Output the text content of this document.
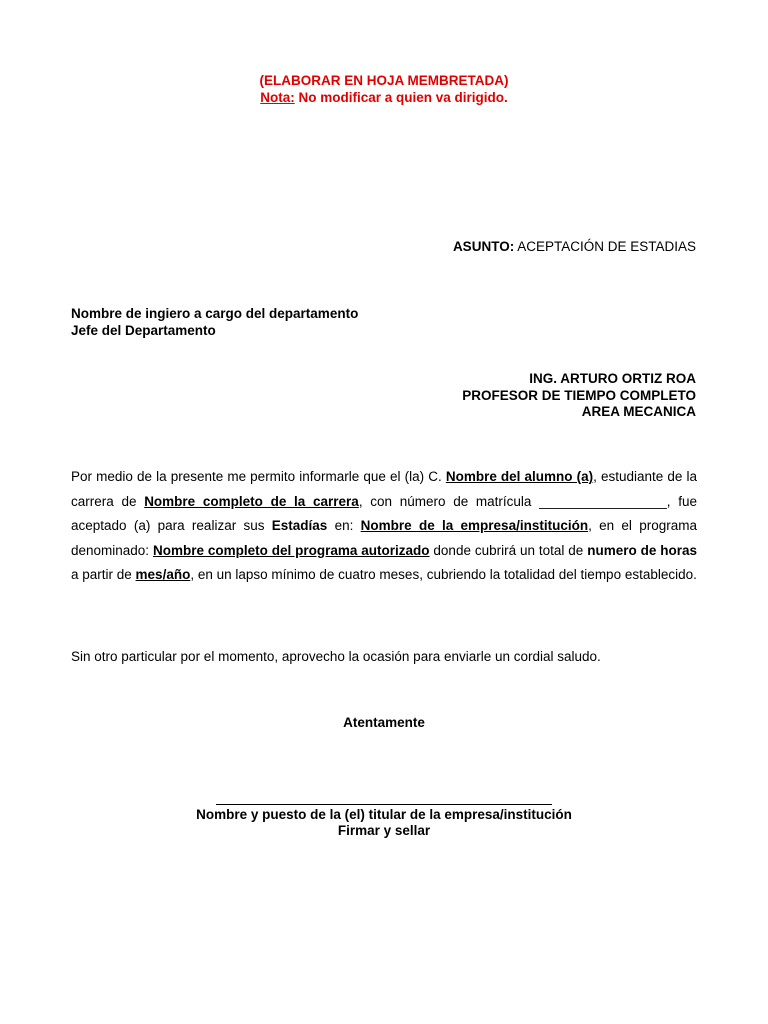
(ELABORAR EN HOJA MEMBRETADA)
Nota: No modificar a quien va dirigido.
ASUNTO: ACEPTACIÓN DE ESTADIAS
Nombre de ingiero a cargo del departamento
Jefe del Departamento
ING. ARTURO ORTIZ ROA
PROFESOR DE TIEMPO COMPLETO
AREA MECANICA
Por medio de la presente me permito informarle que el (la) C. Nombre del alumno (a), estudiante de la carrera de Nombre completo de la carrera, con número de matrícula _________________, fue aceptado (a) para realizar sus Estadías en: Nombre de la empresa/institución, en el programa denominado: Nombre completo del programa autorizado donde cubrirá un total de numero de horas a partir de mes/año, en un lapso mínimo de cuatro meses, cubriendo la totalidad del tiempo establecido.
Sin otro particular por el momento, aprovecho la ocasión para enviarle un cordial saludo.
Atentamente
Nombre y puesto de la (el) titular de la empresa/institución
Firmar y sellar
